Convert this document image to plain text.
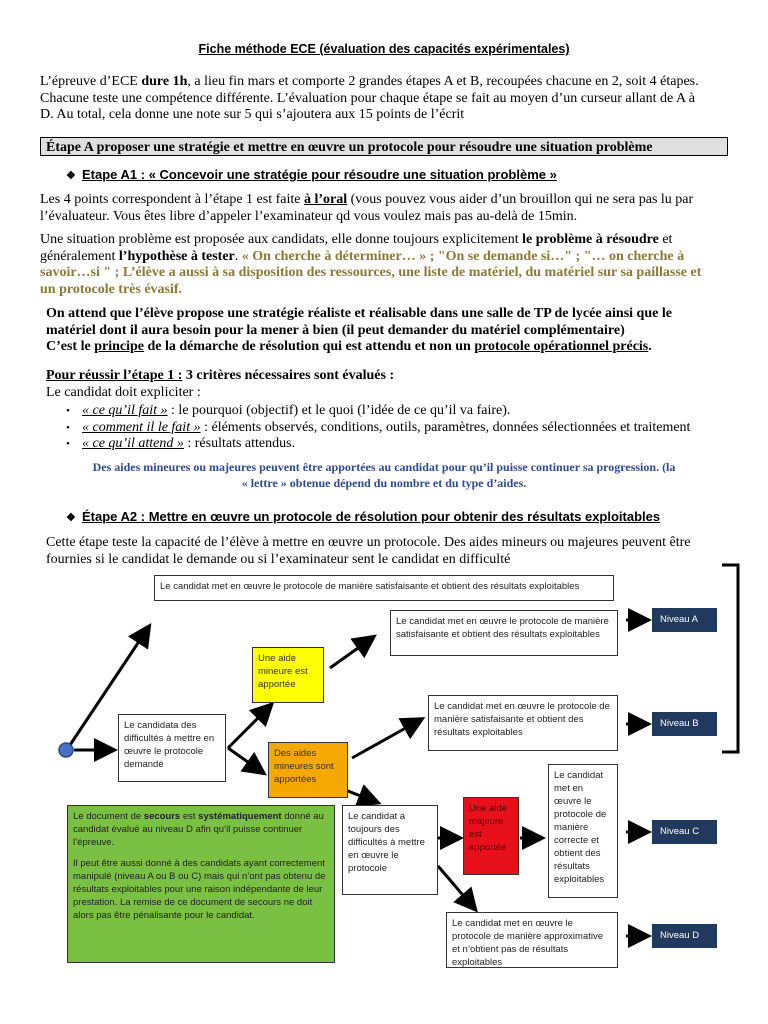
Fiche méthode ECE (évaluation des capacités expérimentales)
L’épreuve d’ECE dure 1h, a lieu fin mars et comporte 2 grandes étapes A et B, recoupées chacune en 2, soit 4 étapes.
Chacune teste une compétence différente. L’évaluation pour chaque étape se fait au moyen d’un curseur allant de A à
D. Au total, cela donne une note sur 5 qui s’ajoutera aux 15 points de l’écrit
Étape A proposer une stratégie et mettre en œuvre un protocole pour résoudre une situation problème
❖ Etape A1 : « Concevoir une stratégie pour résoudre une situation problème »
Les 4 points correspondent à l’étape 1 est faite à l’oral (vous pouvez vous aider d’un brouillon qui ne sera pas lu par
l’évaluateur. Vous êtes libre d’appeler l’examinateur qd vous voulez mais pas au-delà de 15min.
Une situation problème est proposée aux candidats, elle donne toujours explicitement le problème à résoudre et
généralement l’hypothèse à tester. « On cherche à déterminer… » ; "On se demande si…" ; "… on cherche à
savoir…si " ; L’élève a aussi à sa disposition des ressources, une liste de matériel, du matériel sur sa paillasse et
un protocole très évasif.
On attend que l’élève propose une stratégie réaliste et réalisable dans une salle de TP de lycée ainsi que le
matériel dont il aura besoin pour la mener à bien (il peut demander du matériel complémentaire)
C’est le principe de la démarche de résolution qui est attendu et non un protocole opérationnel précis.
Pour réussir l’étape 1 : 3 critères nécessaires sont évalués :
Le candidat doit expliciter :
• « ce qu’il fait » : le pourquoi (objectif) et le quoi (l’idée de ce qu’il va faire).
• « comment il le fait » : éléments observés, conditions, outils, paramètres, données sélectionnées et traitement
• « ce qu’il attend » : résultats attendus.
Des aides mineures ou majeures peuvent être apportées au candidat pour qu’il puisse continuer sa progression. (la
« lettre » obtenue dépend du nombre et du type d’aides.
❖ Étape A2 : Mettre en œuvre un protocole de résolution pour obtenir des résultats exploitables
Cette étape teste la capacité de l’élève à mettre en œuvre un protocole. Des aides mineurs ou majeures peuvent être
fournies si le candidat le demande ou si l’examinateur sent le candidat en difficulté
Le candidat met en œuvre le protocole de manière satisfaisante et obtient des résultats exploitables
Le candidat met en œuvre le protocole de manière satisfaisante et obtient des résultats exploitables
Une aide mineure est apportée
Le candidata des difficultés à mettre en œuvre le protocole demandé
Le candidat met en œuvre le protocole de manière satisfaisante et obtient des résultats exploitables
Des aides mineures sont apportées
Le document de secours est systématiquement donné au candidat évalué au niveau D afin qu’il puisse continuer l’épreuve.
Il peut être aussi donné à des candidats ayant correctement manipulé (niveau A ou B ou C) mais qui n’ont pas obtenu de résultats exploitables pour une raison indépendante de leur prestation. La remise de ce document de secours ne doit alors pas être pénalisante pour le candidat.
Le candidat a toujours des difficultés à mettre en œuvre le protocole
Une aide majeure est apportée
Le candidat met en œuvre le protocole de manière correcte et obtient des résultats exploitables
Le candidat met en œuvre le protocole de manière approximative et n’obtient pas de résultats exploitables
Niveau A
Niveau B
Niveau C
Niveau D
